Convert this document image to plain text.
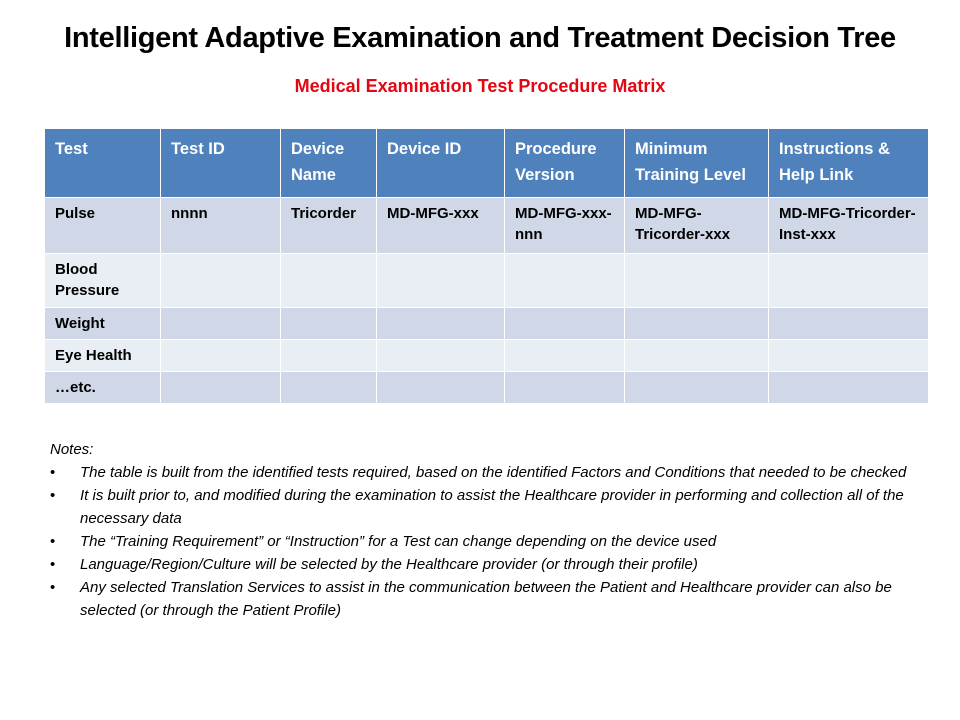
Intelligent Adaptive Examination and Treatment Decision Tree
Medical Examination Test Procedure Matrix
Test	Test ID	Device Name	Device ID	Procedure Version	Minimum Training Level	Instructions & Help Link
Pulse	nnnn	Tricorder	MD-MFG-xxx	MD-MFG-xxx-nnn	MD-MFG-Tricorder-xxx	MD-MFG-Tricorder-Inst-xxx
Blood Pressure						
Weight						
Eye Health						
…etc.						
Notes:
• The table is built from the identified tests required, based on the identified Factors and Conditions that needed to be checked
• It is built prior to, and modified during the examination to assist the Healthcare provider in performing and collection all of the necessary data
• The “Training Requirement” or “Instruction” for a Test can change depending on the device used
• Language/Region/Culture will be selected by the Healthcare provider (or through their profile)
• Any selected Translation Services to assist in the communication between the Patient and Healthcare provider can also be selected (or through the Patient Profile)
